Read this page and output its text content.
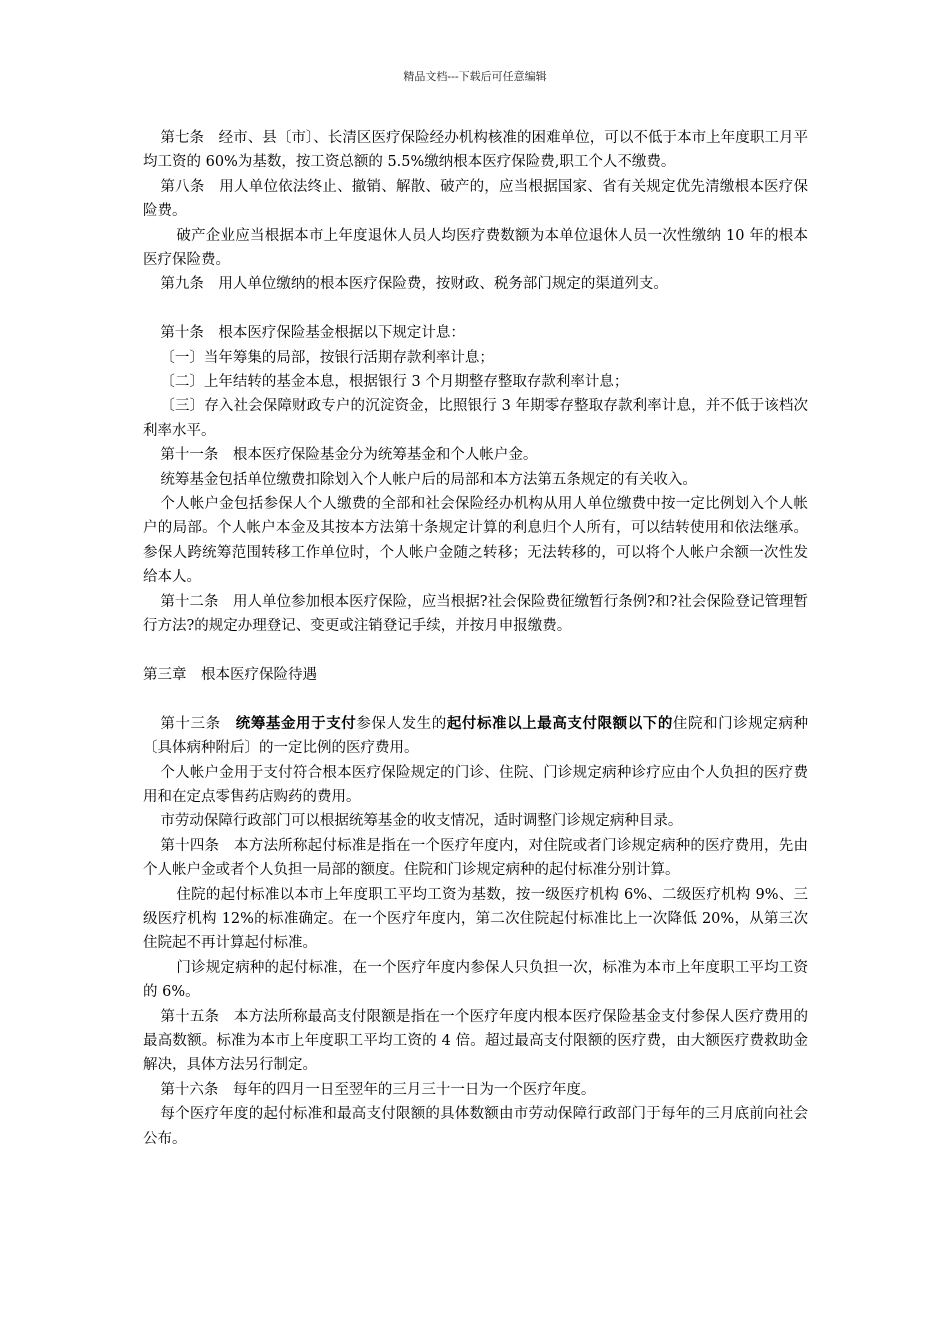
精品文档---下载后可任意编辑

第七条　经市、县〔市〕、长清区医疗保险经办机构核准的困难单位，可以不低于本市上年度职工月平均工资的 60%为基数，按工资总额的 5.5%缴纳根本医疗保险费,职工个人不缴费。

第八条　用人单位依法终止、撤销、解散、破产的，应当根据国家、省有关规定优先清缴根本医疗保险费。

破产企业应当根据本市上年度退休人员人均医疗费数额为本单位退休人员一次性缴纳 10 年的根本医疗保险费。

第九条　用人单位缴纳的根本医疗保险费，按财政、税务部门规定的渠道列支。

第十条　根本医疗保险基金根据以下规定计息：

〔一〕当年筹集的局部，按银行活期存款利率计息；

〔二〕上年结转的基金本息，根据银行 3 个月期整存整取存款利率计息；

〔三〕存入社会保障财政专户的沉淀资金，比照银行 3 年期零存整取存款利率计息，并不低于该档次利率水平。

第十一条　根本医疗保险基金分为统筹基金和个人帐户金。

统筹基金包括单位缴费扣除划入个人帐户后的局部和本方法第五条规定的有关收入。

个人帐户金包括参保人个人缴费的全部和社会保险经办机构从用人单位缴费中按一定比例划入个人帐户的局部。个人帐户本金及其按本方法第十条规定计算的利息归个人所有，可以结转使用和依法继承。参保人跨统筹范围转移工作单位时，个人帐户金随之转移；无法转移的，可以将个人帐户余额一次性发给本人。

第十二条　用人单位参加根本医疗保险，应当根据?社会保险费征缴暂行条例?和?社会保险登记管理暂行方法?的规定办理登记、变更或注销登记手续，并按月申报缴费。

第三章　根本医疗保险待遇

第十三条　统筹基金用于支付参保人发生的起付标准以上最高支付限额以下的住院和门诊规定病种〔具体病种附后〕的一定比例的医疗费用。

个人帐户金用于支付符合根本医疗保险规定的门诊、住院、门诊规定病种诊疗应由个人负担的医疗费用和在定点零售药店购药的费用。

市劳动保障行政部门可以根据统筹基金的收支情况，适时调整门诊规定病种目录。

第十四条　本方法所称起付标准是指在一个医疗年度内，对住院或者门诊规定病种的医疗费用，先由个人帐户金或者个人负担一局部的额度。住院和门诊规定病种的起付标准分别计算。

住院的起付标准以本市上年度职工平均工资为基数，按一级医疗机构 6%、二级医疗机构 9%、三级医疗机构 12%的标准确定。在一个医疗年度内，第二次住院起付标准比上一次降低 20%，从第三次住院起不再计算起付标准。

门诊规定病种的起付标准，在一个医疗年度内参保人只负担一次，标准为本市上年度职工平均工资的 6%。

第十五条　本方法所称最高支付限额是指在一个医疗年度内根本医疗保险基金支付参保人医疗费用的最高数额。标准为本市上年度职工平均工资的 4 倍。超过最高支付限额的医疗费，由大额医疗费救助金解决，具体方法另行制定。

第十六条　每年的四月一日至翌年的三月三十一日为一个医疗年度。

每个医疗年度的起付标准和最高支付限额的具体数额由市劳动保障行政部门于每年的三月底前向社会公布。
